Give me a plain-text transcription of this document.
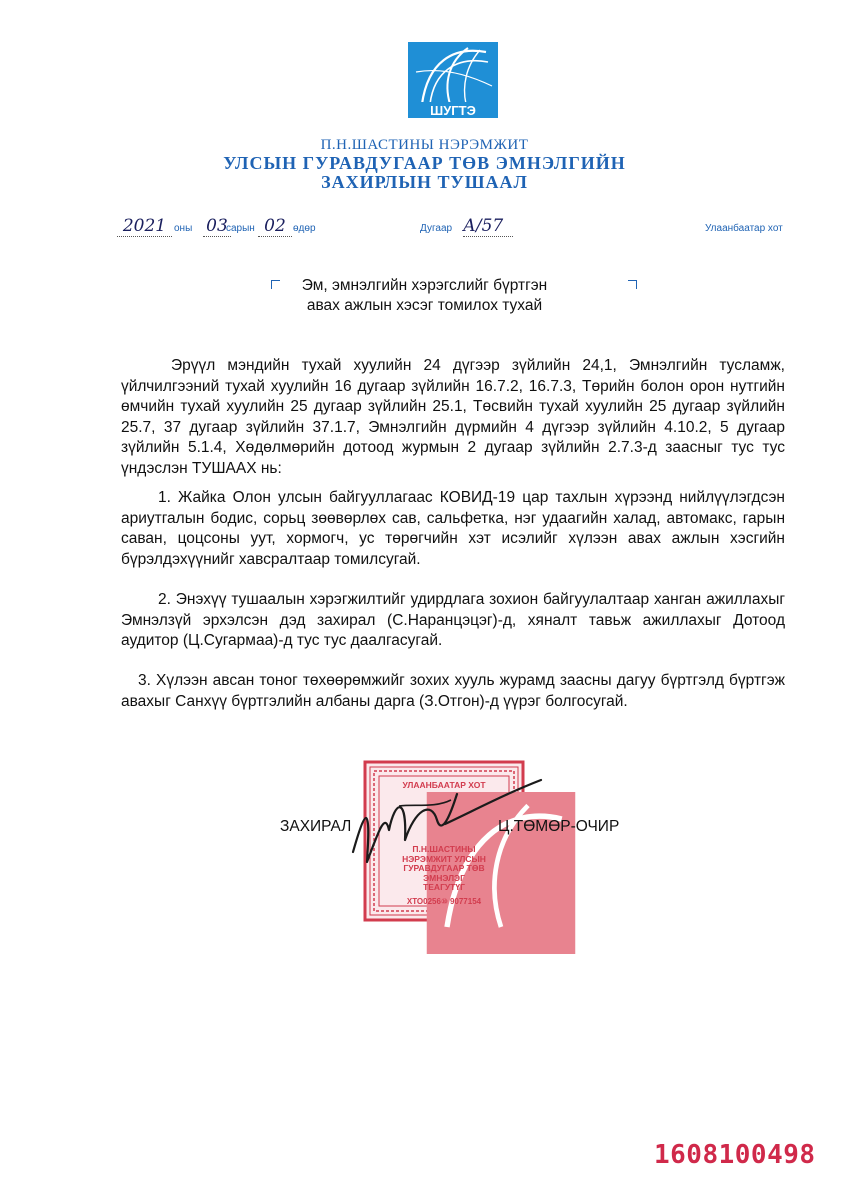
ШУГТЭ
П.Н.ШАСТИНЫ НЭРЭМЖИТ
УЛСЫН ГУРАВДУГААР ТӨВ ЭМНЭЛГИЙН
ЗАХИРЛЫН ТУШААЛ
2021 оны 03
сарын 02 өдөр	Дугаар А/57	Улаанбаатар хот
Эм, эмнэлгийн хэрэгслийг бүртгэн
авах ажлын хэсэг томилох тухай
Эрүүл мэндийн тухай хуулийн 24 дүгээр зүйлийн 24,1, Эмнэлгийн тусламж, үйлчилгээний тухай хуулийн 16 дугаар зүйлийн 16.7.2, 16.7.3, Төрийн болон орон нутгийн өмчийн тухай хуулийн 25 дугаар зүйлийн 25.1, Төсвийн тухай хуулийн 25 дугаар зүйлийн 25.7, 37 дугаар зүйлийн 37.1.7, Эмнэлгийн дүрмийн 4 дүгээр зүйлийн 4.10.2, 5 дугаар зүйлийн 5.1.4, Хөдөлмөрийн дотоод журмын 2 дугаар зүйлийн 2.7.3-д заасныг тус тус үндэслэн ТУШААХ нь:
1. Жайка Олон улсын байгууллагаас КОВИД-19 цар тахлын хүрээнд нийлүүлэгдсэн ариутгалын бодис, сорьц зөөвөрлөх сав, сальфетка, нэг удаагийн халад, автомакс, гарын саван, цоцсоны уут, хормогч, ус төрөгчийн хэт исэлийг хүлээн авах ажлын хэсгийн бүрэлдэхүүнийг хавсралтаар томилсугай.
2. Энэхүү тушаалын хэрэгжилтийг удирдлага зохион байгуулалтаар ханган ажиллахыг Эмнэлзүй эрхэлсэн дэд захирал (С.Наранцэцэг)-д, хяналт тавьж ажиллахыг Дотоод аудитор (Ц.Сугармаа)-д тус тус даалгасугай.
3. Хүлээн авсан тоног төхөөрөмжийг зохих хууль журамд заасны дагуу бүртгэлд бүртгэж авахыг Санхүү бүртгэлийн албаны дарга (З.Отгон)-д үүрэг болгосугай.
УЛААНБААТАР ХОТ
П.Н.ШАСТИНЫ
НЭРЭМЖИТ УЛСЫН
ГУРАВДУГААР ТӨВ
ЭМНЭЛЭГ
ТЕАГУТҮГ
ХТО0256⑩ 9077154
ЗАХИРАЛ	Ц.ТӨМӨР-ОЧИР
1608100498
